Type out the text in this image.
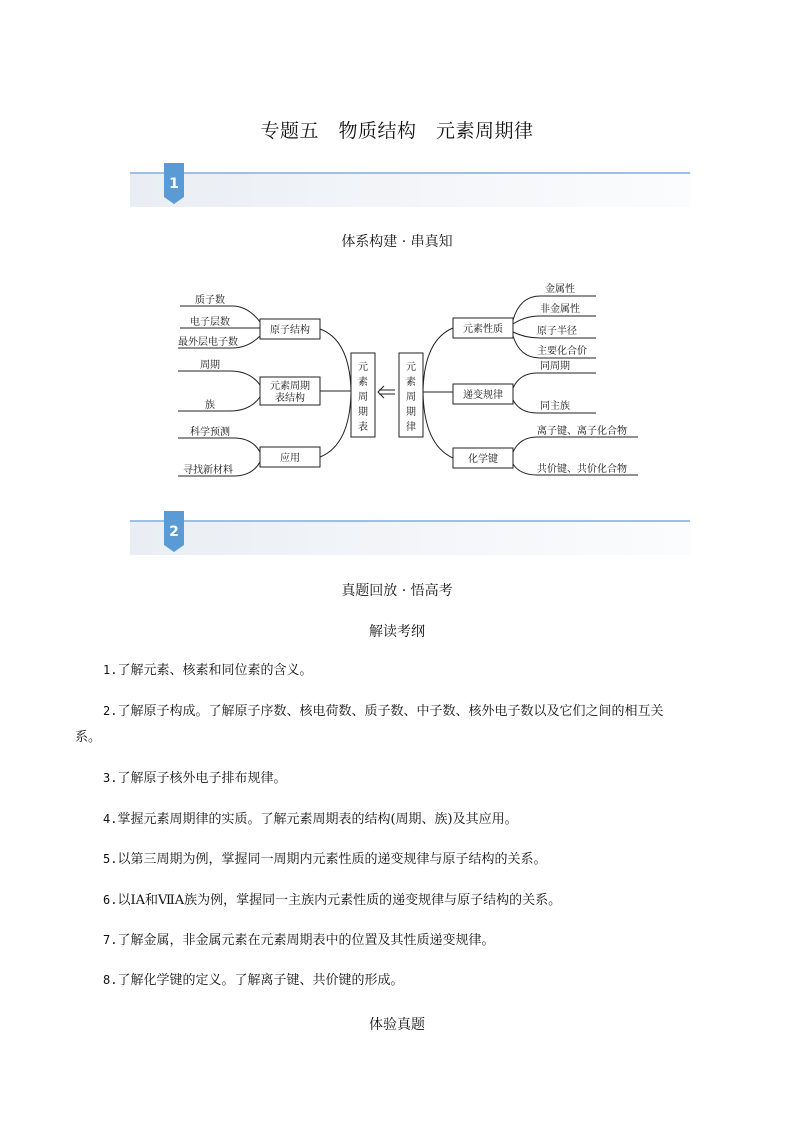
专题五　物质结构　元素周期律
1
体系构建 · 串真知
质子数
电子层数
最外层电子数
周期
族
科学预测
寻找新材料
原子结构
元素周期
表结构
应用
元素周期表
元素周期律
元素性质
递变规律
化学键
金属性
非金属性
原子半径
主要化合价
同周期
同主族
离子键、离子化合物
共价键、共价化合物
2
真题回放 · 悟高考
解读考纲
1.了解元素、核素和同位素的含义。
2.了解原子构成。了解原子序数、核电荷数、质子数、中子数、核外电子数以及它们之间的相互关
系。
3.了解原子核外电子排布规律。
4.掌握元素周期律的实质。了解元素周期表的结构(周期、族)及其应用。
5.以第三周期为例，掌握同一周期内元素性质的递变规律与原子结构的关系。
6.以ⅠA和ⅦA族为例，掌握同一主族内元素性质的递变规律与原子结构的关系。
7.了解金属，非金属元素在元素周期表中的位置及其性质递变规律。
8.了解化学键的定义。了解离子键、共价键的形成。
体验真题
